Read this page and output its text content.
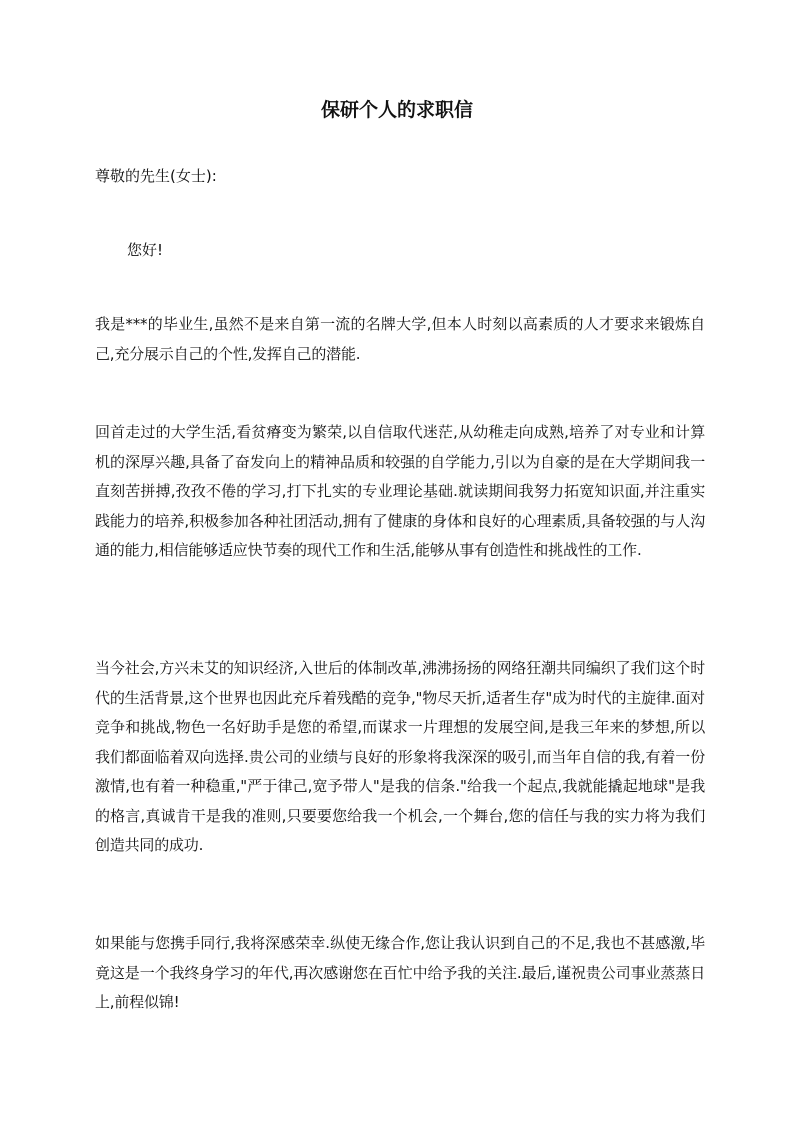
保研个人的求职信

尊敬的先生(女士):

您好!

我是***的毕业生,虽然不是来自第一流的名牌大学,但本人时刻以高素质的人才要求来锻炼自己,充分展示自己的个性,发挥自己的潜能.

回首走过的大学生活,看贫瘠变为繁荣,以自信取代迷茫,从幼稚走向成熟,培养了对专业和计算机的深厚兴趣,具备了奋发向上的精神品质和较强的自学能力,引以为自豪的是在大学期间我一直刻苦拼搏,孜孜不倦的学习,打下扎实的专业理论基础.就读期间我努力拓宽知识面,并注重实践能力的培养,积极参加各种社团活动,拥有了健康的身体和良好的心理素质,具备较强的与人沟通的能力,相信能够适应快节奏的现代工作和生活,能够从事有创造性和挑战性的工作.

当今社会,方兴未艾的知识经济,入世后的体制改革,沸沸扬扬的网络狂潮共同编织了我们这个时代的生活背景,这个世界也因此充斥着残酷的竞争,"物尽天折,适者生存"成为时代的主旋律.面对竞争和挑战,物色一名好助手是您的希望,而谋求一片理想的发展空间,是我三年来的梦想,所以我们都面临着双向选择.贵公司的业绩与良好的形象将我深深的吸引,而当年自信的我,有着一份激情,也有着一种稳重,"严于律己,宽予带人"是我的信条."给我一个起点,我就能撬起地球"是我的格言,真诚肯干是我的准则,只要要您给我一个机会,一个舞台,您的信任与我的实力将为我们创造共同的成功.

如果能与您携手同行,我将深感荣幸.纵使无缘合作,您让我认识到自己的不足,我也不甚感激,毕竟这是一个我终身学习的年代,再次感谢您在百忙中给予我的关注.最后,谨祝贵公司事业蒸蒸日上,前程似锦!
